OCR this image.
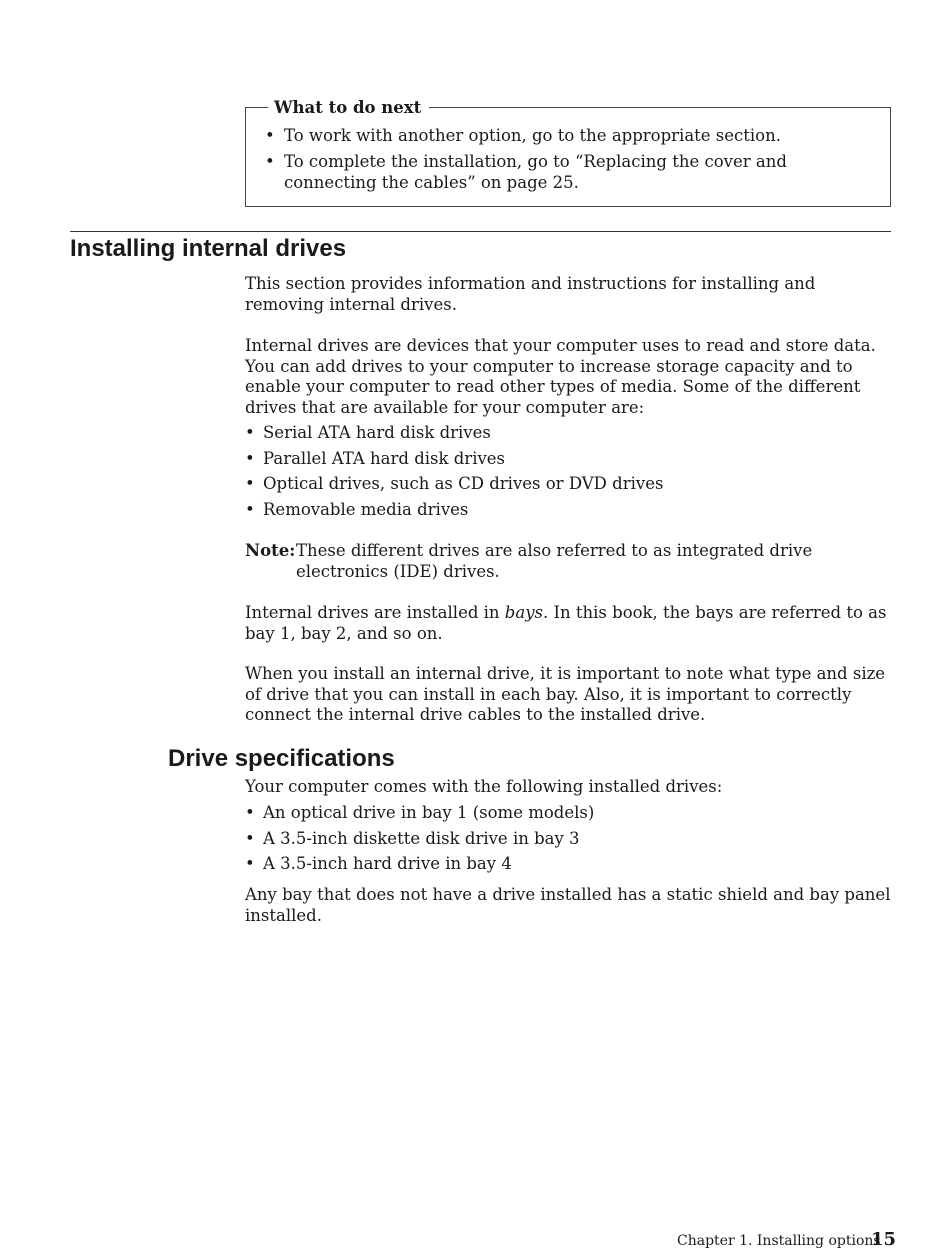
What to do next
• To work with another option, go to the appropriate section.
• To complete the installation, go to “Replacing the cover and connecting the cables” on page 25.
Installing internal drives

This section provides information and instructions for installing and removing internal drives.

Internal drives are devices that your computer uses to read and store data. You can add drives to your computer to increase storage capacity and to enable your computer to read other types of media. Some of the different drives that are available for your computer are:

• Serial ATA hard disk drives
• Parallel ATA hard disk drives
• Optical drives, such as CD drives or DVD drives
• Removable media drives
Note: These different drives are also referred to as integrated drive electronics (IDE) drives.

Internal drives are installed in bays. In this book, the bays are referred to as bay 1, bay 2, and so on.

When you install an internal drive, it is important to note what type and size of drive that you can install in each bay. Also, it is important to correctly connect the internal drive cables to the installed drive.

Drive specifications

Your computer comes with the following installed drives:

• An optical drive in bay 1 (some models)
• A 3.5-inch diskette disk drive in bay 3
• A 3.5-inch hard drive in bay 4

Any bay that does not have a drive installed has a static shield and bay panel installed.

Chapter 1. Installing options
15
